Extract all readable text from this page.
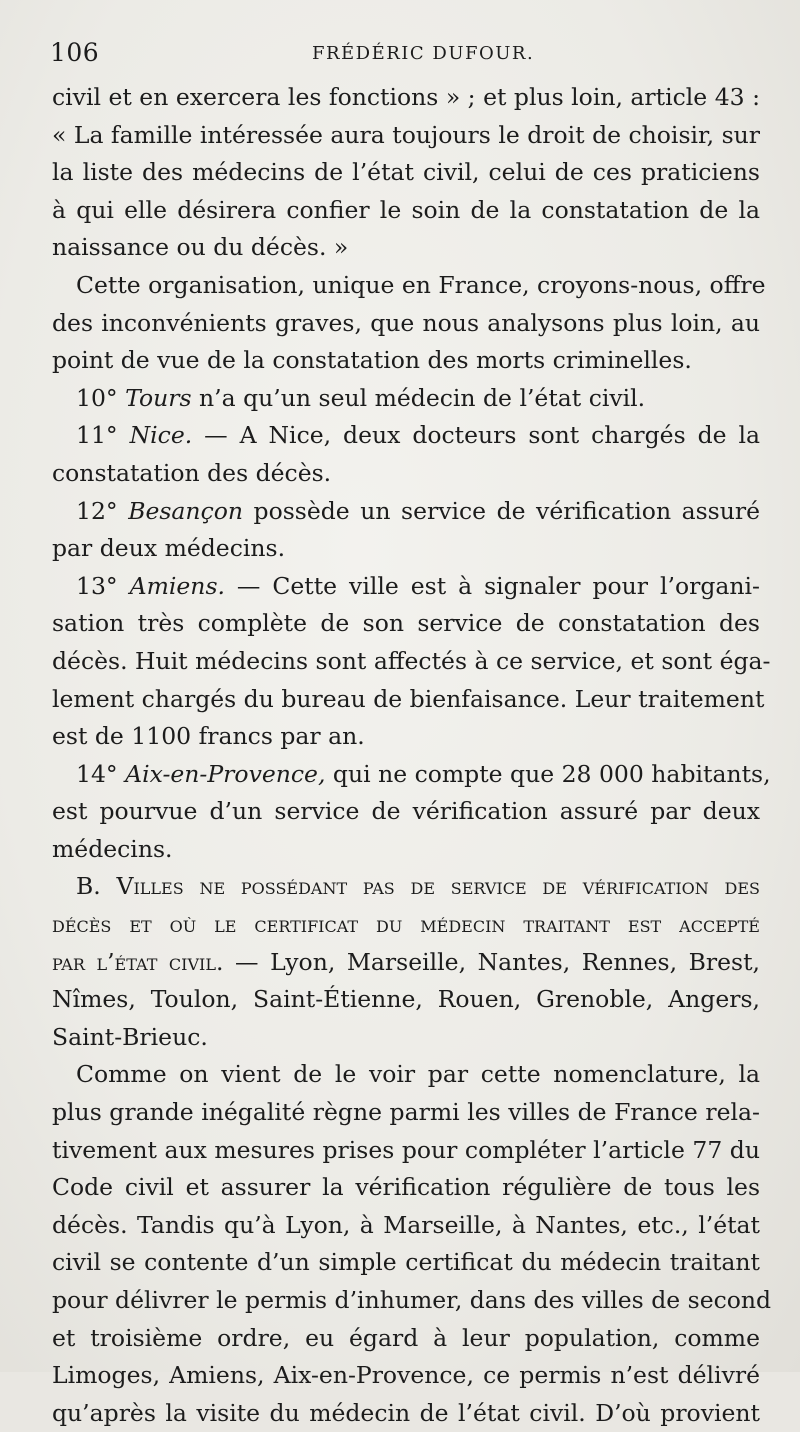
106	FRÉDÉRIC DUFOUR.
civil et en exercera les fonctions » ; et plus loin, article 43 :
« La famille intéressée aura toujours le droit de choisir, sur
la liste des médecins de l’état civil, celui de ces praticiens
à qui elle désirera confier le soin de la constatation de la
naissance ou du décès. »
Cette organisation, unique en France, croyons-nous, offre
des inconvénients graves, que nous analysons plus loin, au
point de vue de la constatation des morts criminelles.
10° Tours n’a qu’un seul médecin de l’état civil.
11° Nice. — A Nice, deux docteurs sont chargés de la
constatation des décès.
12° Besançon possède un service de vérification assuré
par deux médecins.
13° Amiens. — Cette ville est à signaler pour l’organi-
sation très complète de son service de constatation des
décès. Huit médecins sont affectés à ce service, et sont éga-
lement chargés du bureau de bienfaisance. Leur traitement
est de 1100 francs par an.
14° Aix-en-Provence, qui ne compte que 28 000 habitants,
est pourvue d’un service de vérification assuré par deux
médecins.
B. Villes ne possédant pas de service de vérification des
décès et où le certificat du médecin traitant est accepté
par l’état civil. — Lyon, Marseille, Nantes, Rennes, Brest,
Nîmes, Toulon, Saint-Étienne, Rouen, Grenoble, Angers,
Saint-Brieuc.
Comme on vient de le voir par cette nomenclature, la
plus grande inégalité règne parmi les villes de France rela-
tivement aux mesures prises pour compléter l’article 77 du
Code civil et assurer la vérification régulière de tous les
décès. Tandis qu’à Lyon, à Marseille, à Nantes, etc., l’état
civil se contente d’un simple certificat du médecin traitant
pour délivrer le permis d’inhumer, dans des villes de second
et troisième ordre, eu égard à leur population, comme
Limoges, Amiens, Aix-en-Provence, ce permis n’est délivré
qu’après la visite du médecin de l’état civil. D’où provient
